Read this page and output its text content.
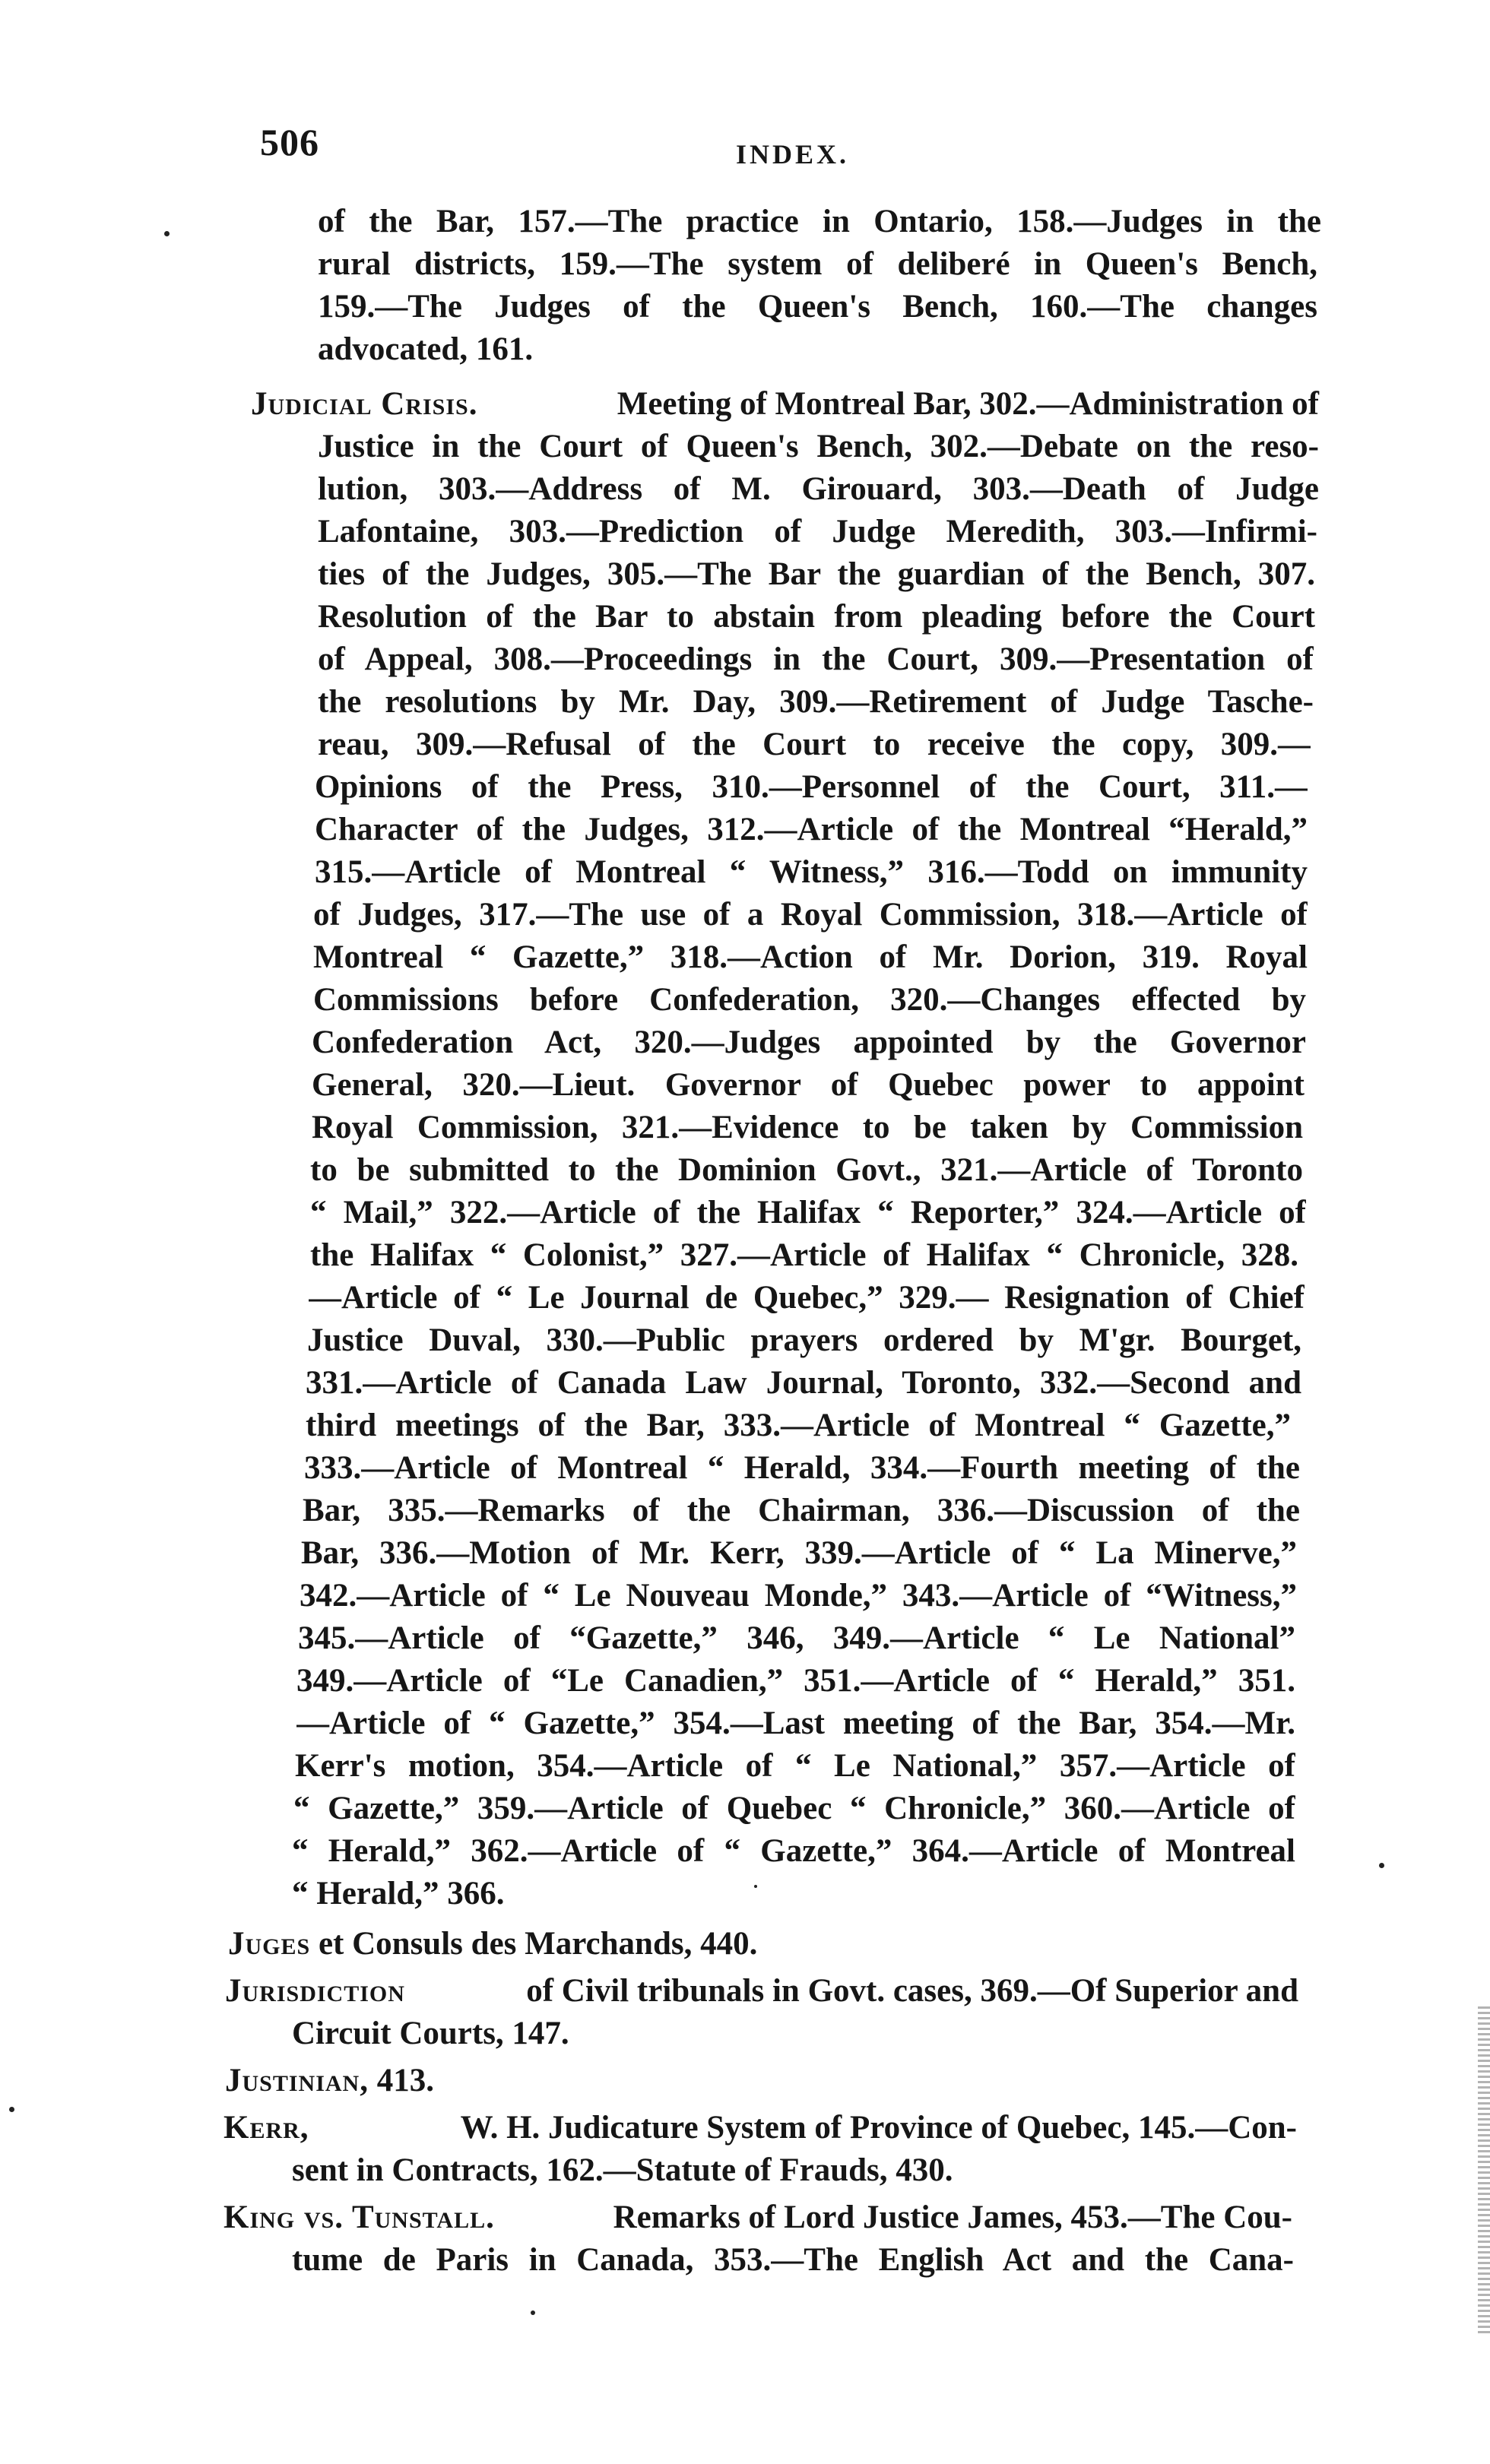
506	INDEX.
of the Bar, 157.—The practice in Ontario, 158.—Judges in the
rural districts, 159.—The system of deliberé in Queen's Bench,
159.—The Judges of the Queen's Bench, 160.—The changes
advocated, 161.
Judicial Crisis.	Meeting of Montreal Bar, 302.—Administration of
Justice in the Court of Queen's Bench, 302.—Debate on the reso-
lution, 303.—Address of M. Girouard, 303.—Death of Judge
Lafontaine, 303.—Prediction of Judge Meredith, 303.—Infirmi-
ties of the Judges, 305.—The Bar the guardian of the Bench, 307.
Resolution of the Bar to abstain from pleading before the Court
of Appeal, 308.—Proceedings in the Court, 309.—Presentation of
the resolutions by Mr. Day, 309.—Retirement of Judge Tasche-
reau, 309.—Refusal of the Court to receive the copy, 309.—
Opinions of the Press, 310.—Personnel of the Court, 311.—
Character of the Judges, 312.—Article of the Montreal “Herald,”
315.—Article of Montreal “ Witness,” 316.—Todd on immunity
of Judges, 317.—The use of a Royal Commission, 318.—Article of
Montreal “ Gazette,” 318.—Action of Mr. Dorion, 319. Royal
Commissions before Confederation, 320.—Changes effected by
Confederation Act, 320.—Judges appointed by the Governor
General, 320.—Lieut. Governor of Quebec power to appoint
Royal Commission, 321.—Evidence to be taken by Commission
to be submitted to the Dominion Govt., 321.—Article of Toronto
“ Mail,” 322.—Article of the Halifax “ Reporter,” 324.—Article of
the Halifax “ Colonist,” 327.—Article of Halifax “ Chronicle, 328.
—Article of “ Le Journal de Quebec,” 329.— Resignation of Chief
Justice Duval, 330.—Public prayers ordered by M'gr. Bourget,
331.—Article of Canada Law Journal, Toronto, 332.—Second and
third meetings of the Bar, 333.—Article of Montreal “ Gazette,”
333.—Article of Montreal “ Herald, 334.—Fourth meeting of the
Bar, 335.—Remarks of the Chairman, 336.—Discussion of the
Bar, 336.—Motion of Mr. Kerr, 339.—Article of “ La Minerve,”
342.—Article of “ Le Nouveau Monde,” 343.—Article of “Witness,”
345.—Article of “Gazette,” 346, 349.—Article “ Le National”
349.—Article of “Le Canadien,” 351.—Article of “ Herald,” 351.
—Article of “ Gazette,” 354.—Last meeting of the Bar, 354.—Mr.
Kerr's motion, 354.—Article of “ Le National,” 357.—Article of
“ Gazette,” 359.—Article of Quebec “ Chronicle,” 360.—Article of
“ Herald,” 362.—Article of “ Gazette,” 364.—Article of Montreal
“ Herald,” 366.
Juges et Consuls des Marchands, 440.
Jurisdiction	of Civil tribunals in Govt. cases, 369.—Of Superior and
Circuit Courts, 147.
Justinian, 413.
Kerr,	W. H. Judicature System of Province of Quebec, 145.—Con-
sent in Contracts, 162.—Statute of Frauds, 430.
King vs. Tunstall.	Remarks of Lord Justice James, 453.—The Cou-
tume de Paris in Canada, 353.—The English Act and the Cana-
